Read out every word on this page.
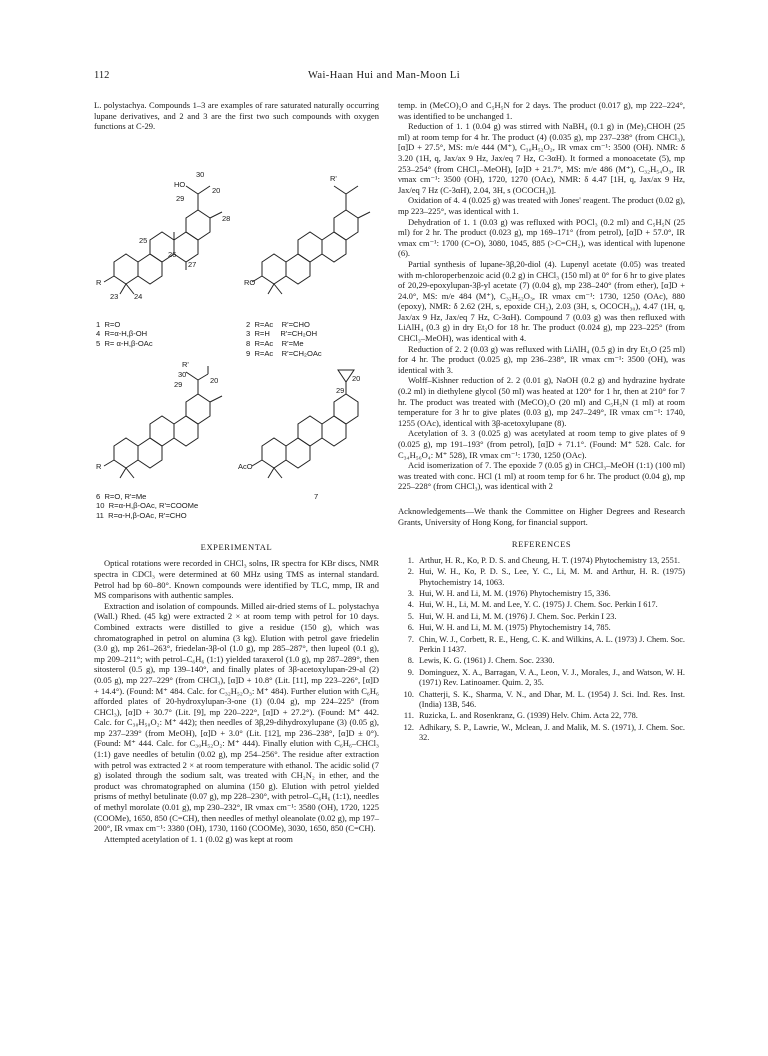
112	Wai-Haan Hui and Man-Moon Li

L. polystachya. Compounds 1–3 are examples of rare saturated naturally occurring lupane derivatives, and 2 and 3 are the first two such compounds with oxygen functions at C-29.

30
HO
20
29
25
28
27
26
R
23 24
R'
RO
1  R=O
4  R=α-H,β-OH
5  R= α-H,β-OAc
2  R=Ac    R'=CHO
3  R=H     R'=CH₂OH
8  R=Ac    R'=Me
9  R=Ac    R'=CH₂OAc
R'
30
20
29
R
20
29
AcO
6  R=O, R'=Me
10  R=α-H,β-OAc, R'=COOMe
11  R=α-H,β-OAc, R'=CHO
7
EXPERIMENTAL

Optical rotations were recorded in CHCl₃ solns, IR spectra for KBr discs, NMR spectra in CDCl₃ were determined at 60 MHz using TMS as internal standard. Petrol had bp 60–80°. Known compounds were identified by TLC, mmp, IR and MS comparisons with authentic samples.

Extraction and isolation of compounds. Milled air-dried stems of L. polystachya (Wall.) Rhed. (45 kg) were extracted 2 × at room temp with petrol for 10 days. Combined extracts were distilled to give a residue (150 g), which was chromatographed in petrol on alumina (3 kg). Elution with petrol gave friedelin (3.0 g), mp 261–263°, friedelan-3β-ol (1.0 g), mp 285–287°, then lupeol (0.1 g), mp 209–211°; with petrol–C₆H₆ (1:1) yielded taraxerol (1.0 g), mp 287–289°, then sitosterol (0.5 g), mp 139–140°, and finally plates of 3β-acetoxylupan-29-al (2) (0.05 g), mp 227–229° (from CHCl₃), [α]D + 10.8° (Lit. [11], mp 223–226°, [α]D + 14.4°). (Found: M⁺ 484. Calc. for C₃₂H₅₂O₃: M⁺ 484). Further elution with C₆H₆ afforded plates of 20-hydroxylupan-3-one (1) (0.04 g), mp 224–225° (from CHCl₃), [α]D + 30.7° (Lit. [9], mp 220–222°, [α]D + 27.2°). (Found: M⁺ 442. Calc. for C₃₀H₅₀O₂: M⁺ 442); then needles of 3β,29-dihydroxylupane (3) (0.05 g), mp 237–239° (from MeOH), [α]D + 3.0° (Lit. [12], mp 236–238°, [α]D ± 0°). (Found: M⁺ 444. Calc. for C₃₀H₅₂O₂: M⁺ 444). Finally elution with C₆H₆–CHCl₃ (1:1) gave needles of betulin (0.02 g), mp 254–256°. The residue after extraction with petrol was extracted 2 × at room temperature with ethanol. The acidic solid (7 g) isolated through the sodium salt, was treated with CH₂N₂ in ether, and the product was chromatographed on alumina (150 g). Elution with petrol yielded prisms of methyl betulinate (0.07 g), mp 228–230°, with petrol–C₆H₆ (1:1), needles of methyl morolate (0.01 g), mp 230–232°, IR νmax cm⁻¹: 3580 (OH), 1720, 1225 (COOMe), 1650, 850 (C=CH), then needles of methyl oleanolate (0.02 g), mp 197–200°, IR νmax cm⁻¹: 3380 (OH), 1730, 1160 (COOMe), 3030, 1650, 850 (C=CH).

Attempted acetylation of 1. 1 (0.02 g) was kept at room

temp. in (MeCO)₂O and C₅H₅N for 2 days. The product (0.017 g), mp 222–224°, was identified to be unchanged 1.

Reduction of 1. 1 (0.04 g) was stirred with NaBH₄ (0.1 g) in (Me)₂CHOH (25 ml) at room temp for 4 hr. The product (4) (0.035 g), mp 237–238° (from CHCl₃), [α]D + 27.5°, MS: m/e 444 (M⁺), C₃₀H₅₂O₂, IR νmax cm⁻¹: 3500 (OH). NMR: δ 3.20 (1H, q, Jax/ax 9 Hz, Jax/eq 7 Hz, C-3αH). It formed a monoacetate (5), mp 253–254° (from CHCl₃–MeOH), [α]D + 21.7°, MS: m/e 486 (M⁺), C₃₂H₅₄O₃, IR νmax cm⁻¹: 3500 (OH), 1720, 1270 (OAc), NMR: δ 4.47 [1H, q, Jax/ax 9 Hz, Jax/eq 7 Hz (C-3αH), 2.04, 3H, s (OCOCH₃)].

Oxidation of 4. 4 (0.025 g) was treated with Jones' reagent. The product (0.02 g), mp 223–225°, was identical with 1.

Dehydration of 1. 1 (0.03 g) was refluxed with POCl₃ (0.2 ml) and C₅H₅N (25 ml) for 2 hr. The product (0.023 g), mp 169–171° (from petrol), [α]D + 57.0°, IR νmax cm⁻¹: 1700 (C=O), 3080, 1045, 885 (>C=CH₂), was identical with lupenone (6).

Partial synthesis of lupane-3β,20-diol (4). Lupenyl acetate (0.05) was treated with m-chloroperbenzoic acid (0.2 g) in CHCl₃ (150 ml) at 0° for 6 hr to give plates of 20,29-epoxylupan-3β-yl acetate (7) (0.04 g), mp 238–240° (from ether), [α]D + 24.0°, MS: m/e 484 (M⁺), C₃₂H₅₂O₃, IR νmax cm⁻¹: 1730, 1250 (OAc), 880 (epoxy), NMR: δ 2.62 (2H, s, epoxide CH₂), 2.03 (3H, s, OCOCH₃₀), 4.47 (1H, q, Jax/ax 9 Hz, Jax/eq 7 Hz, C-3αH). Compound 7 (0.03 g) was then refluxed with LiAlH₄ (0.3 g) in dry Et₂O for 18 hr. The product (0.024 g), mp 223–225° (from CHCl₃–MeOH), was identical with 4.

Reduction of 2. 2 (0.03 g) was refluxed with LiAlH₄ (0.5 g) in dry Et₂O (25 ml) for 4 hr. The product (0.025 g), mp 236–238°, IR νmax cm⁻¹: 3500 (OH), was identical with 3.

Wolff–Kishner reduction of 2. 2 (0.01 g), NaOH (0.2 g) and hydrazine hydrate (0.2 ml) in diethylene glycol (50 ml) was heated at 120° for 1 hr, then at 210° for 7 hr. The product was treated with (MeCO)₂O (20 ml) and C₅H₅N (1 ml) at room temperature for 3 hr to give plates (0.03 g), mp 247–249°, IR νmax cm⁻¹: 1740, 1255 (OAc), identical with 3β-acetoxylupane (8).

Acetylation of 3. 3 (0.025 g) was acetylated at room temp to give plates of 9 (0.025 g), mp 191–193° (from petrol), [α]D + 71.1°. (Found: M⁺ 528. Calc. for C₃₄H₅₆O₄: M⁺ 528), IR νmax cm⁻¹: 1730, 1250 (OAc).

Acid isomerization of 7. The epoxide 7 (0.05 g) in CHCl₃–MeOH (1:1) (100 ml) was treated with conc. HCl (1 ml) at room temp for 6 hr. The product (0.04 g), mp 225–228° (from CHCl₃), was identical with 2

Acknowledgements—We thank the Committee on Higher Degrees and Research Grants, University of Hong Kong, for financial support.

REFERENCES
1. Arthur, H. R., Ko, P. D. S. and Cheung, H. T. (1974) Phytochemistry 13, 2551.
2. Hui, W. H., Ko, P. D. S., Lee, Y. C., Li, M. M. and Arthur, H. R. (1975) Phytochemistry 14, 1063.
3. Hui, W. H. and Li, M. M. (1976) Phytochemistry 15, 336.
4. Hui, W. H., Li, M. M. and Lee, Y. C. (1975) J. Chem. Soc. Perkin I 617.
5. Hui, W. H. and Li, M. M. (1976) J. Chem. Soc. Perkin I 23.
6. Hui, W. H. and Li, M. M. (1975) Phytochemistry 14, 785.
7. Chin, W. J., Corbett, R. E., Heng, C. K. and Wilkins, A. L. (1973) J. Chem. Soc. Perkin I 1437.
8. Lewis, K. G. (1961) J. Chem. Soc. 2330.
9. Dominguez, X. A., Barragan, V. A., Leon, V. J., Morales, J., and Watson, W. H. (1971) Rev. Latinoamer. Quim. 2, 35.
10. Chatterji, S. K., Sharma, V. N., and Dhar, M. L. (1954) J. Sci. Ind. Res. Inst. (India) 13B, 546.
11. Ruzicka, L. and Rosenkranz, G. (1939) Helv. Chim. Acta 22, 778.
12. Adhikary, S. P., Lawrie, W., Mclean, J. and Malik, M. S. (1971), J. Chem. Soc. 32.
